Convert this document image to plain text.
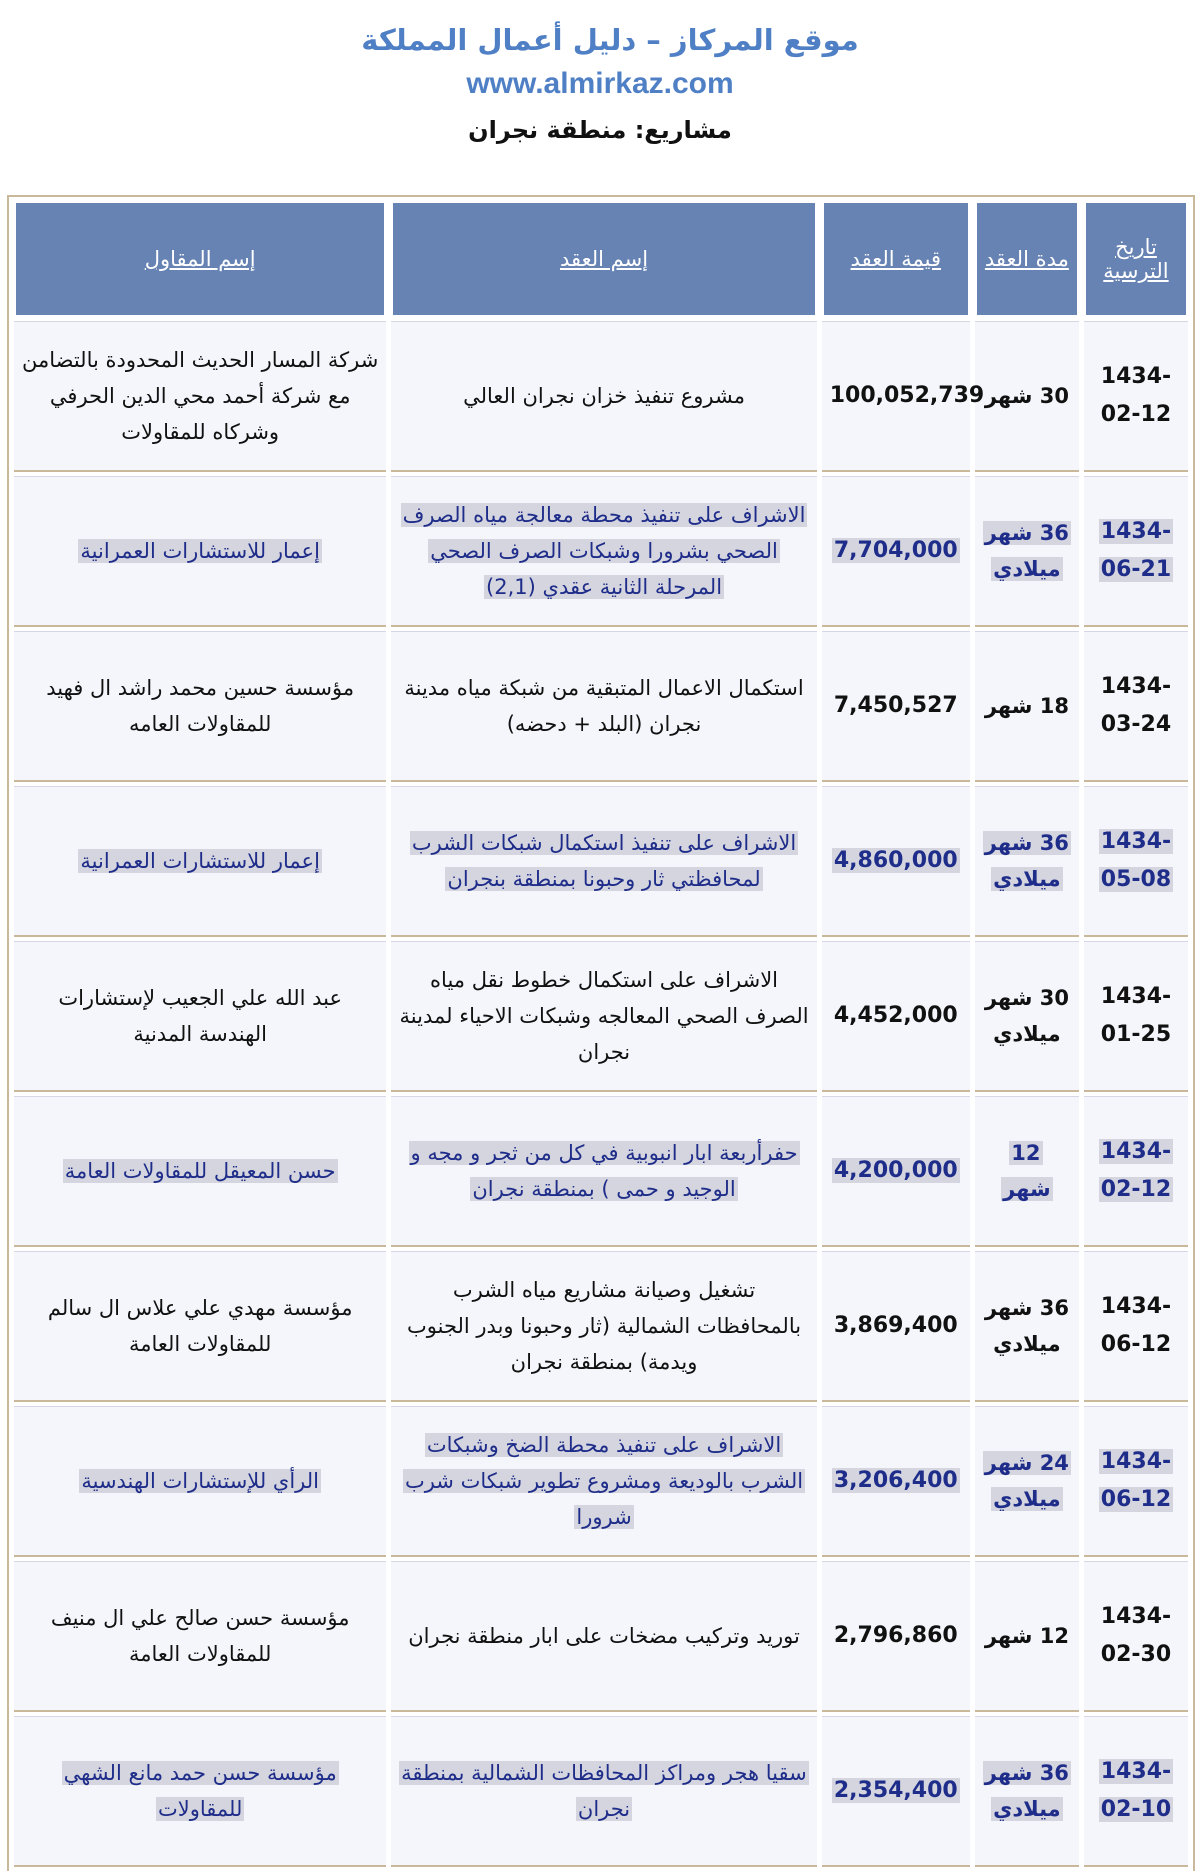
موقع المركاز – دليل أعمال المملكة
www.almirkaz.com
مشاريع: منطقة نجران
تاريخ الترسية	مدة العقد	قيمة العقد	إسم العقد	إسم المقاول
1434-02-12	30 شهر	100,052,739	مشروع تنفيذ خزان نجران العالي	شركة المسار الحديث المحدودة بالتضامن مع شركة أحمد محي الدين الحرفي وشركاه للمقاولات
1434-06-21	36 شهر ميلادي	7,704,000	الاشراف على تنفيذ محطة معالجة مياه الصرف الصحي بشرورا وشبكات الصرف الصحي المرحلة الثانية عقدي (2,1)	إعمار للاستشارات العمرانية
1434-03-24	18 شهر	7,450,527	استكمال الاعمال المتبقية من شبكة مياه مدينة نجران (البلد + دحضه)	مؤسسة حسين محمد راشد ال فهيد للمقاولات العامه
1434-05-08	36 شهر ميلادي	4,860,000	الاشراف على تنفيذ استكمال شبكات الشرب لمحافظتي ثار وحبونا بمنطقة بنجران	إعمار للاستشارات العمرانية
1434-01-25	30 شهر ميلادي	4,452,000	الاشراف على استكمال خطوط نقل مياه الصرف الصحي المعالجه وشبكات الاحياء لمدينة نجران	عبد الله علي الجعيب لإستشارات الهندسة المدنية
1434-02-12	12 شهر	4,200,000	حفرأربعة ابار انبوبية في كل من ثجر و مجه و الوجيد و حمى ) بمنطقة نجران	حسن المعيقل للمقاولات العامة
1434-06-12	36 شهر ميلادي	3,869,400	تشغيل وصيانة مشاريع مياه الشرب بالمحافظات الشمالية (ثار وحبونا وبدر الجنوب ويدمة) بمنطقة نجران	مؤسسة مهدي علي علاس ال سالم للمقاولات العامة
1434-06-12	24 شهر ميلادي	3,206,400	الاشراف على تنفيذ محطة الضخ وشبكات الشرب بالوديعة ومشروع تطوير شبكات شرب شرورا	الرأي للإستشارات الهندسية
1434-02-30	12 شهر	2,796,860	توريد وتركيب مضخات على ابار منطقة نجران	مؤسسة حسن صالح علي ال منيف للمقاولات العامة
1434-02-10	36 شهر ميلادي	2,354,400	سقيا هجر ومراكز المحافظات الشمالية بمنطقة نجران	مؤسسة حسن حمد مانع الشهي للمقاولات
